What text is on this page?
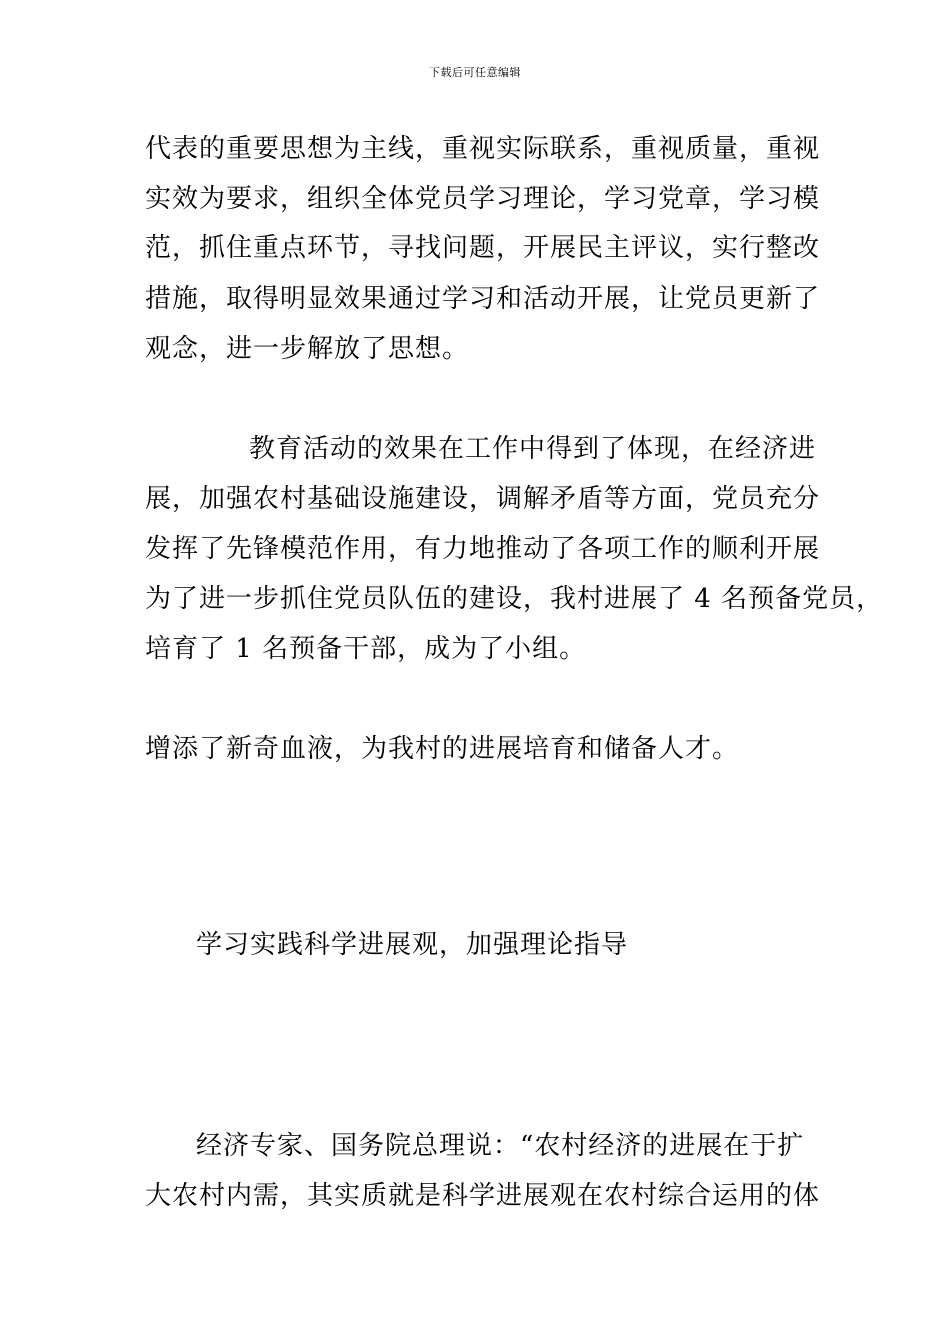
下载后可任意编辑
代表的重要思想为主线，重视实际联系，重视质量，重视
实效为要求，组织全体党员学习理论，学习党章，学习模
范，抓住重点环节，寻找问题，开展民主评议，实行整改
措施，取得明显效果通过学习和活动开展，让党员更新了
观念，进一步解放了思想。
教育活动的效果在工作中得到了体现，在经济进
展，加强农村基础设施建设，调解矛盾等方面，党员充分
发挥了先锋模范作用，有力地推动了各项工作的顺利开展
为了进一步抓住党员队伍的建设，我村进展了 4 名预备党员，
培育了 1 名预备干部，成为了小组。
增添了新奇血液，为我村的进展培育和储备人才。
学习实践科学进展观，加强理论指导
经济专家、国务院总理说：“农村经济的进展在于扩
大农村内需，其实质就是科学进展观在农村综合运用的体
